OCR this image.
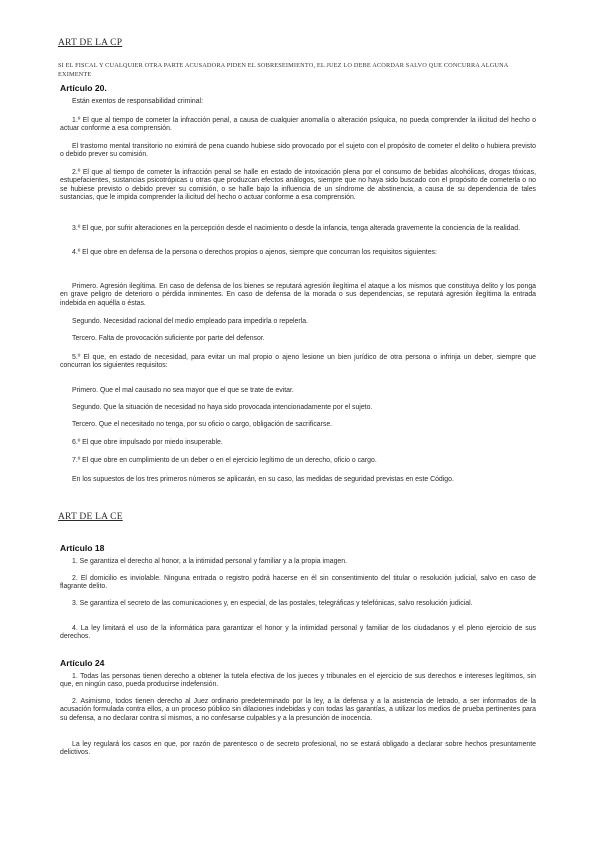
ART DE LA CP
SI EL FISCAL Y CUALQUIER OTRA PARTE ACUSADORA PIDEN EL SOBRESEIMIENTO, EL JUEZ LO DEBE ACORDAR SALVO QUE CONCURRA ALGUNA EXIMENTE
Artículo 20.

Están exentos de responsabilidad criminal:

1.º El que al tiempo de cometer la infracción penal, a causa de cualquier anomalía o alteración psíquica, no pueda comprender la ilicitud del hecho o actuar conforme a esa comprensión.

El trastorno mental transitorio no eximirá de pena cuando hubiese sido provocado por el sujeto con el propósito de cometer el delito o hubiera previsto o debido prever su comisión.

2.º El que al tiempo de cometer la infracción penal se halle en estado de intoxicación plena por el consumo de bebidas alcohólicas, drogas tóxicas, estupefacientes, sustancias psicotrópicas u otras que produzcan efectos análogos, siempre que no haya sido buscado con el propósito de cometerla o no se hubiese previsto o debido prever su comisión, o se halle bajo la influencia de un síndrome de abstinencia, a causa de su dependencia de tales sustancias, que le impida comprender la ilicitud del hecho o actuar conforme a esa comprensión.

3.º El que, por sufrir alteraciones en la percepción desde el nacimiento o desde la infancia, tenga alterada gravemente la conciencia de la realidad.

4.º El que obre en defensa de la persona o derechos propios o ajenos, siempre que concurran los requisitos siguientes:

Primero. Agresión ilegítima. En caso de defensa de los bienes se reputará agresión ilegítima el ataque a los mismos que constituya delito y los ponga en grave peligro de deterioro o pérdida inminentes. En caso de defensa de la morada o sus dependencias, se reputará agresión ilegítima la entrada indebida en aquélla o éstas.

Segundo. Necesidad racional del medio empleado para impedirla o repelerla.

Tercero. Falta de provocación suficiente por parte del defensor.

5.º El que, en estado de necesidad, para evitar un mal propio o ajeno lesione un bien jurídico de otra persona o infrinja un deber, siempre que concurran los siguientes requisitos:

Primero. Que el mal causado no sea mayor que el que se trate de evitar.

Segundo. Que la situación de necesidad no haya sido provocada intencionadamente por el sujeto.

Tercero. Que el necesitado no tenga, por su oficio o cargo, obligación de sacrificarse.

6.º El que obre impulsado por miedo insuperable.

7.º El que obre en cumplimiento de un deber o en el ejercicio legítimo de un derecho, oficio o cargo.

En los supuestos de los tres primeros números se aplicarán, en su caso, las medidas de seguridad previstas en este Código.

ART DE LA CE
Artículo 18

1. Se garantiza el derecho al honor, a la intimidad personal y familiar y a la propia imagen.

2. El domicilio es inviolable. Ninguna entrada o registro podrá hacerse en él sin consentimiento del titular o resolución judicial, salvo en caso de flagrante delito.

3. Se garantiza el secreto de las comunicaciones y, en especial, de las postales, telegráficas y telefónicas, salvo resolución judicial.

4. La ley limitará el uso de la informática para garantizar el honor y la intimidad personal y familiar de los ciudadanos y el pleno ejercicio de sus derechos.

Artículo 24

1. Todas las personas tienen derecho a obtener la tutela efectiva de los jueces y tribunales en el ejercicio de sus derechos e intereses legítimos, sin que, en ningún caso, pueda producirse indefensión.

2. Asimismo, todos tienen derecho al Juez ordinario predeterminado por la ley, a la defensa y a la asistencia de letrado, a ser informados de la acusación formulada contra ellos, a un proceso público sin dilaciones indebidas y con todas las garantías, a utilizar los medios de prueba pertinentes para su defensa, a no declarar contra sí mismos, a no confesarse culpables y a la presunción de inocencia.

La ley regulará los casos en que, por razón de parentesco o de secreto profesional, no se estará obligado a declarar sobre hechos presuntamente delictivos.
